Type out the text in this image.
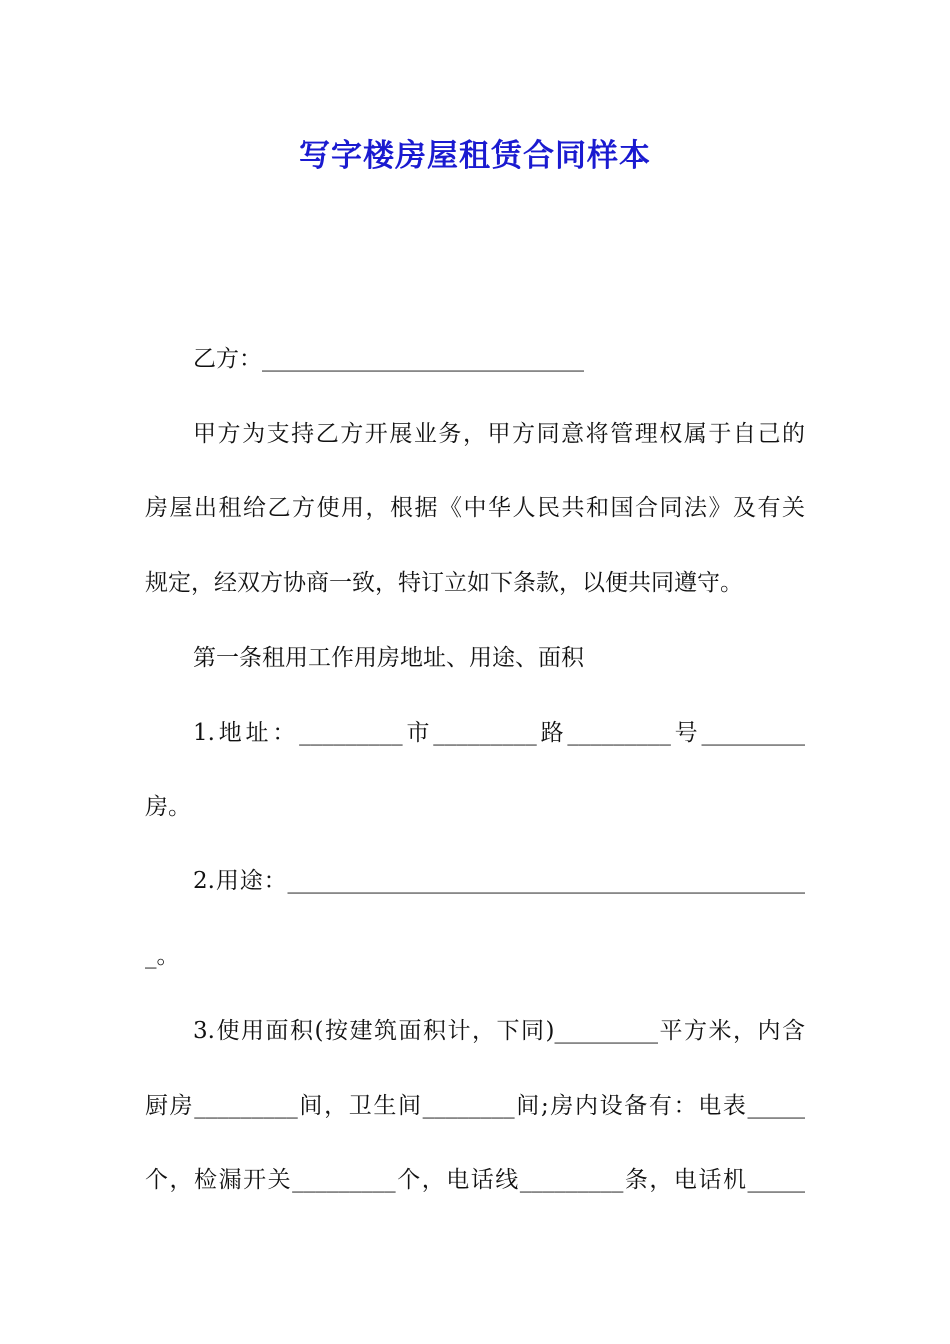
写字楼房屋租赁合同样本
乙方：____________________________
甲方为支持乙方开展业务，甲方同意将管理权属于自己的
房屋出租给乙方使用，根据《中华人民共和国合同法》及有关
规定，经双方协商一致，特订立如下条款，以便共同遵守。
第一条租用工作用房地址、用途、面积
1.地址：_________市_________路_________号_________
房。
2.用途：_____________________________________________
_。
3.使用面积(按建筑面积计，下同)_________平方米，内含
厨房_________间，卫生间________间;房内设备有：电表_____
个，检漏开关_________个，电话线_________条，电话机_____
